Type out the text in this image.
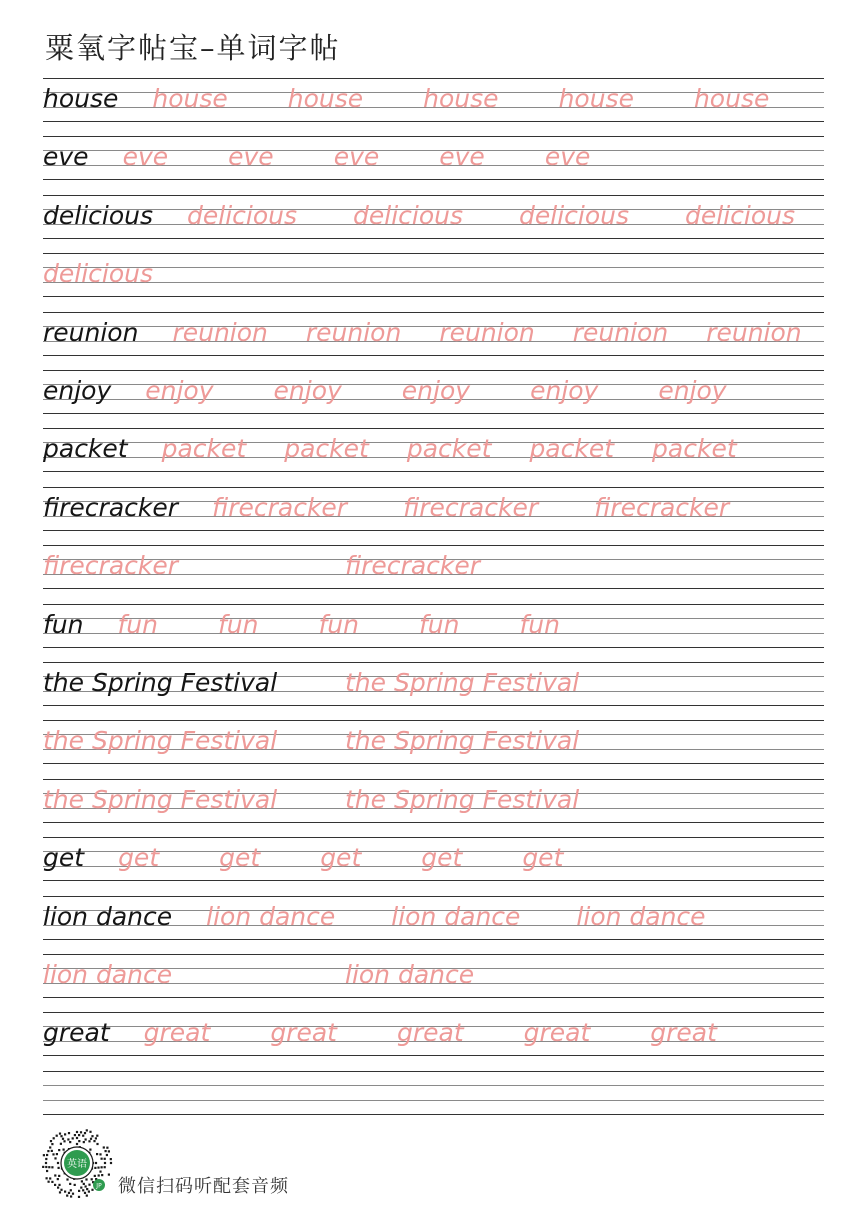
粟氧字帖宝–单词字帖
house house house house house house
eve eve eve eve eve eve
delicious delicious delicious delicious delicious
delicious
reunion reunion reunion reunion reunion reunion
enjoy enjoy enjoy enjoy enjoy enjoy
packet packet packet packet packet packet
firecracker firecracker firecracker firecracker
firecracker	firecracker
fun fun fun fun fun fun
the Spring Festival	the Spring Festival
the Spring Festival	the Spring Festival
the Spring Festival	the Spring Festival
get get get get get get
lion dance lion dance lion dance lion dance
lion dance	lion dance
great great great great great great
英语
JP 微信扫码听配套音频
